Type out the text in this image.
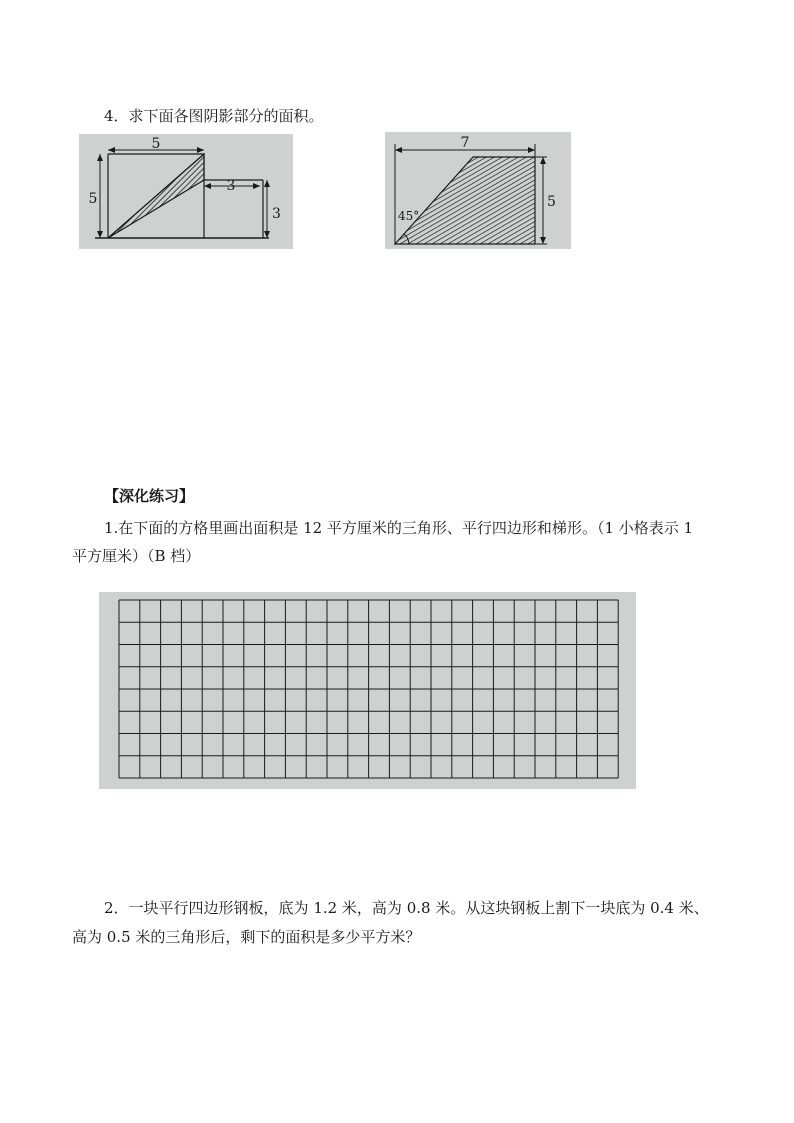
4．求下面各图阴影部分的面积。
5
5
3
3
7
5
45°
【深化练习】
1.在下面的方格里画出面积是 12 平方厘米的三角形、平行四边形和梯形。（1 小格表示 1
平方厘米）（B 档）
2．一块平行四边形钢板，底为 1.2 米，高为 0.8 米。从这块钢板上割下一块底为 0.4 米、
高为 0.5 米的三角形后，剩下的面积是多少平方米？
